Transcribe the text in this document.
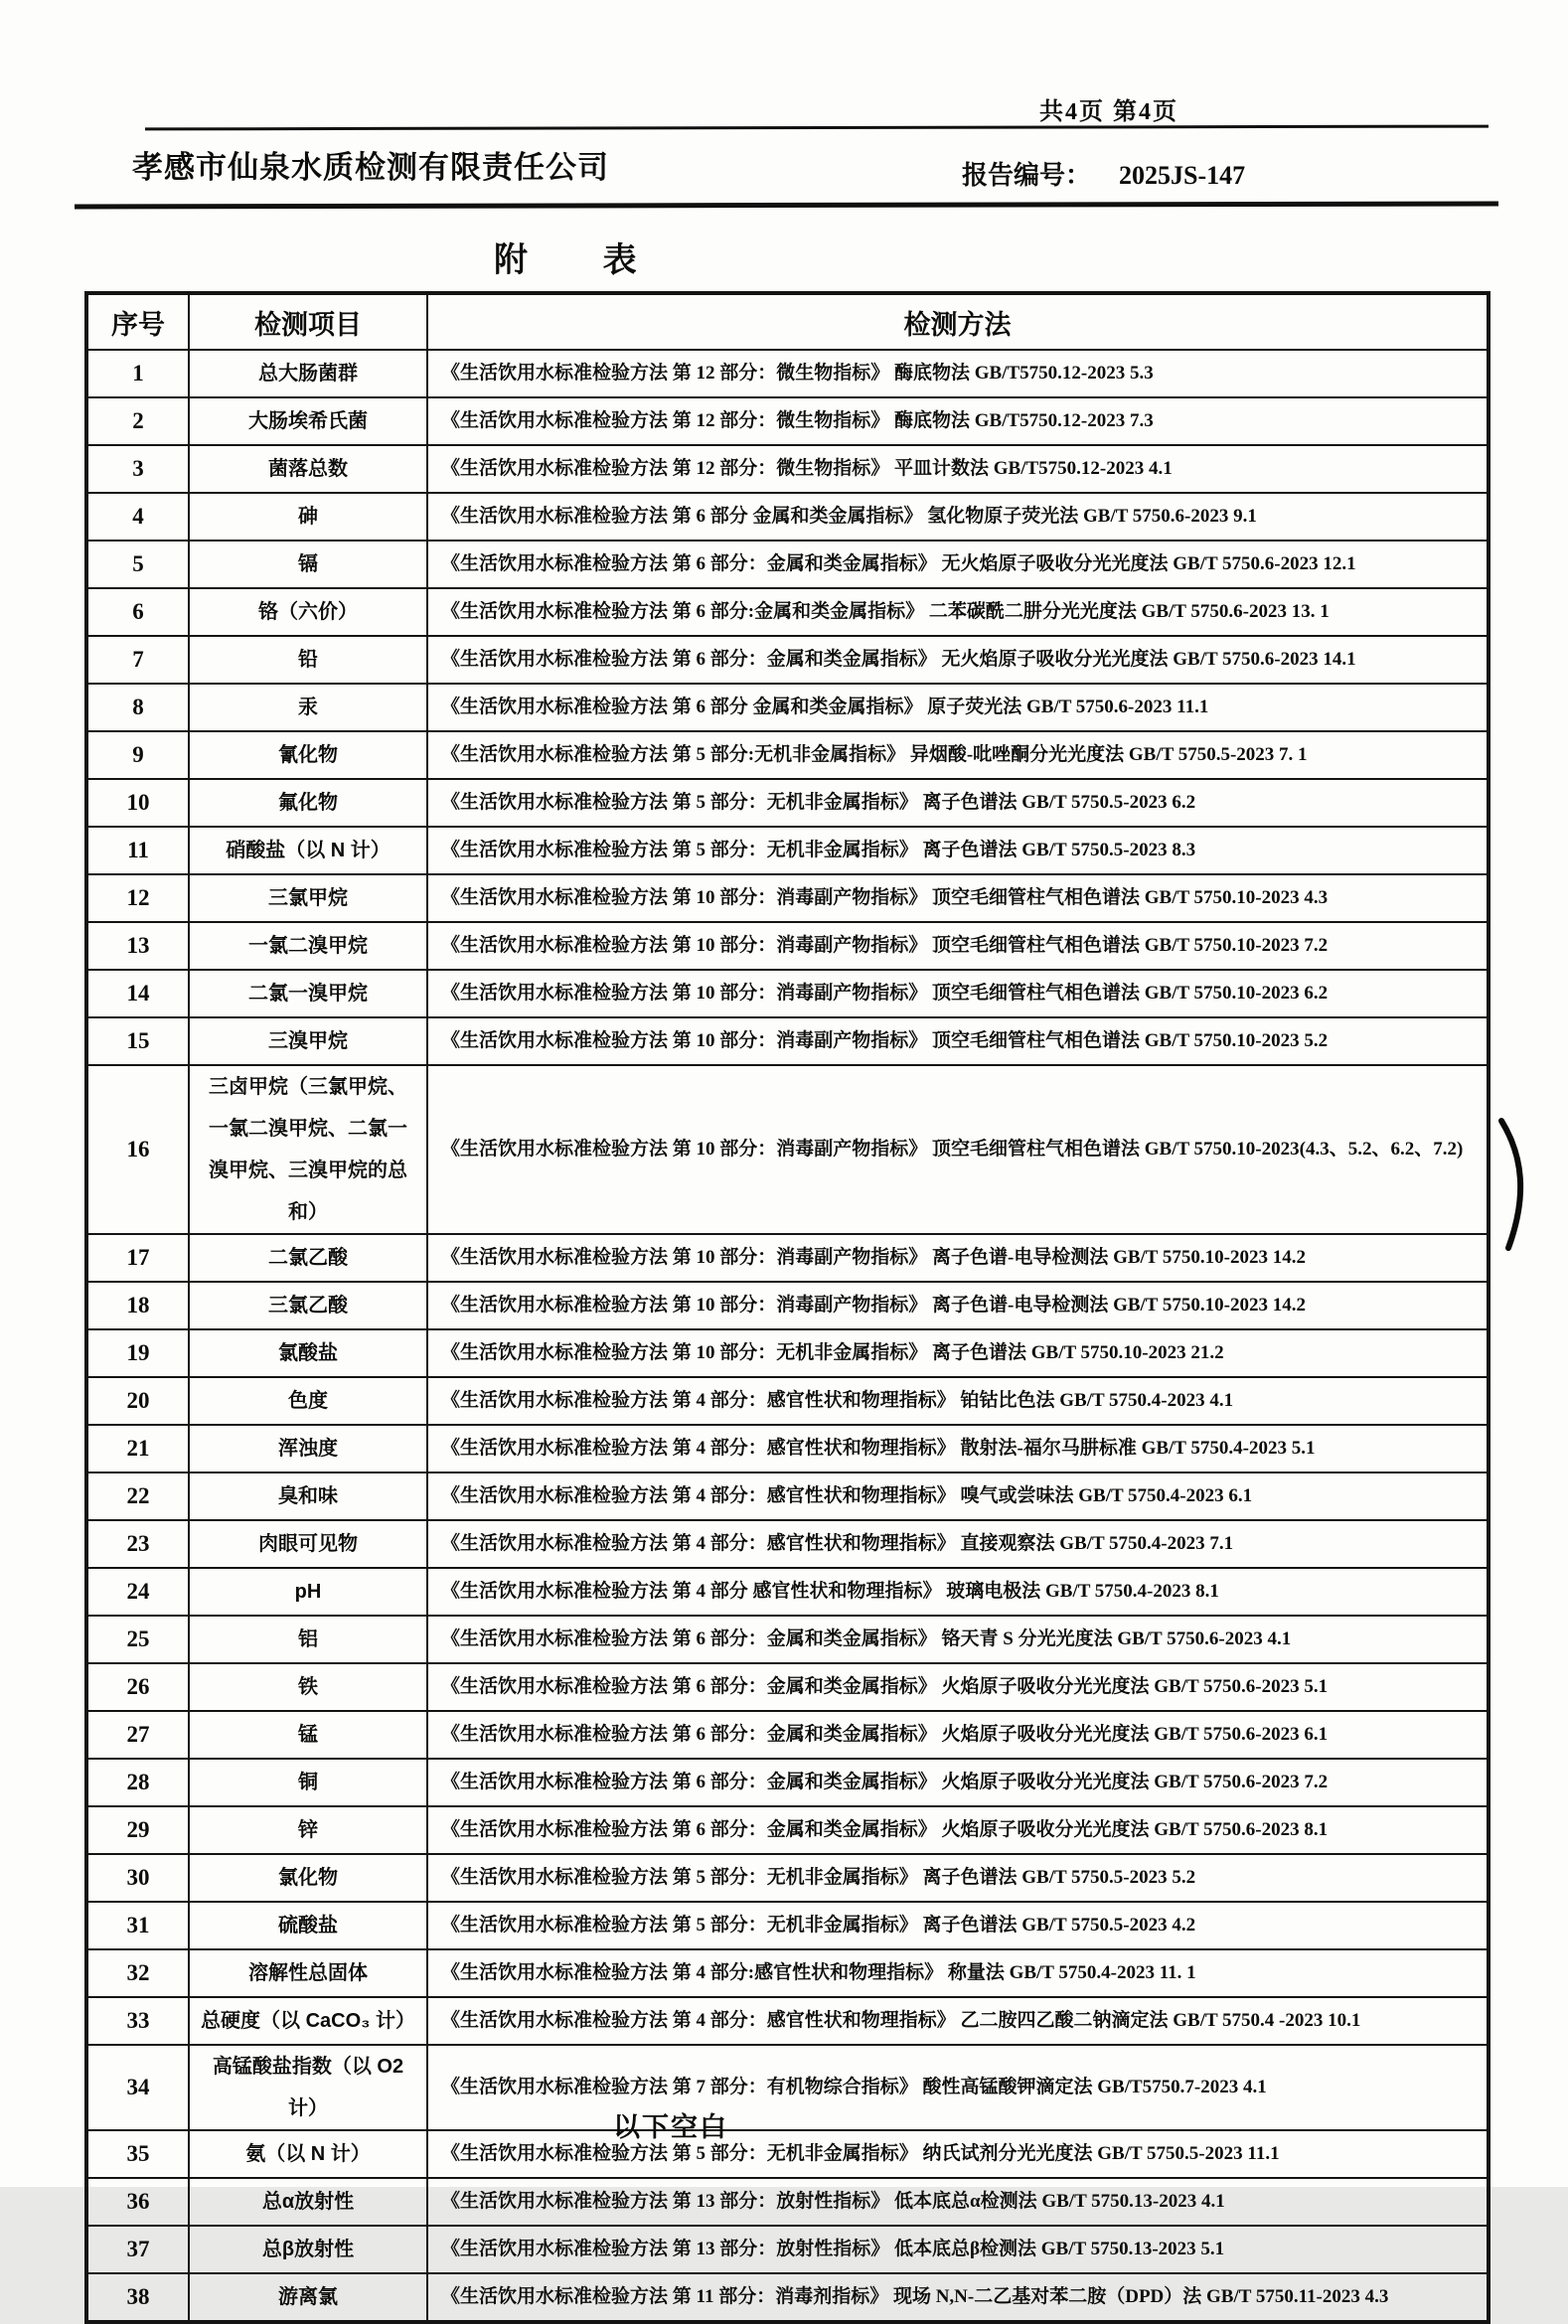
共4页 第4页
孝感市仙泉水质检测有限责任公司	报告编号： 2025JS-147
附        表
序号	检测项目	检测方法
1	总大肠菌群	《生活饮用水标准检验方法 第 12 部分：微生物指标》 酶底物法 GB/T5750.12-2023 5.3
2	大肠埃希氏菌	《生活饮用水标准检验方法 第 12 部分：微生物指标》 酶底物法 GB/T5750.12-2023 7.3
3	菌落总数	《生活饮用水标准检验方法 第 12 部分：微生物指标》 平皿计数法 GB/T5750.12-2023 4.1
4	砷	《生活饮用水标准检验方法 第 6 部分 金属和类金属指标》 氢化物原子荧光法 GB/T 5750.6-2023 9.1
5	镉	《生活饮用水标准检验方法 第 6 部分：金属和类金属指标》 无火焰原子吸收分光光度法 GB/T 5750.6-2023 12.1
6	铬（六价）	《生活饮用水标准检验方法 第 6 部分:金属和类金属指标》 二苯碳酰二肼分光光度法 GB/T 5750.6-2023 13. 1
7	铅	《生活饮用水标准检验方法 第 6 部分：金属和类金属指标》 无火焰原子吸收分光光度法 GB/T 5750.6-2023 14.1
8	汞	《生活饮用水标准检验方法 第 6 部分 金属和类金属指标》 原子荧光法 GB/T 5750.6-2023 11.1
9	氰化物	《生活饮用水标准检验方法 第 5 部分:无机非金属指标》 异烟酸-吡唑酮分光光度法 GB/T 5750.5-2023 7. 1
10	氟化物	《生活饮用水标准检验方法 第 5 部分：无机非金属指标》 离子色谱法 GB/T 5750.5-2023 6.2
11	硝酸盐（以 N 计）	《生活饮用水标准检验方法 第 5 部分：无机非金属指标》 离子色谱法 GB/T 5750.5-2023 8.3
12	三氯甲烷	《生活饮用水标准检验方法 第 10 部分：消毒副产物指标》 顶空毛细管柱气相色谱法 GB/T 5750.10-2023 4.3
13	一氯二溴甲烷	《生活饮用水标准检验方法 第 10 部分：消毒副产物指标》 顶空毛细管柱气相色谱法 GB/T 5750.10-2023 7.2
14	二氯一溴甲烷	《生活饮用水标准检验方法 第 10 部分：消毒副产物指标》 顶空毛细管柱气相色谱法 GB/T 5750.10-2023 6.2
15	三溴甲烷	《生活饮用水标准检验方法 第 10 部分：消毒副产物指标》 顶空毛细管柱气相色谱法 GB/T 5750.10-2023 5.2
16	三卤甲烷（三氯甲烷、一氯二溴甲烷、二氯一溴甲烷、三溴甲烷的总和）	《生活饮用水标准检验方法 第 10 部分：消毒副产物指标》 顶空毛细管柱气相色谱法 GB/T 5750.10-2023(4.3、5.2、6.2、7.2)
17	二氯乙酸	《生活饮用水标准检验方法 第 10 部分：消毒副产物指标》 离子色谱-电导检测法 GB/T 5750.10-2023 14.2
18	三氯乙酸	《生活饮用水标准检验方法 第 10 部分：消毒副产物指标》 离子色谱-电导检测法 GB/T 5750.10-2023 14.2
19	氯酸盐	《生活饮用水标准检验方法 第 10 部分：无机非金属指标》 离子色谱法 GB/T 5750.10-2023 21.2
20	色度	《生活饮用水标准检验方法 第 4 部分：感官性状和物理指标》 铂钴比色法 GB/T 5750.4-2023 4.1
21	浑浊度	《生活饮用水标准检验方法 第 4 部分：感官性状和物理指标》 散射法-福尔马肼标准 GB/T 5750.4-2023 5.1
22	臭和味	《生活饮用水标准检验方法 第 4 部分：感官性状和物理指标》 嗅气或尝味法 GB/T 5750.4-2023 6.1
23	肉眼可见物	《生活饮用水标准检验方法 第 4 部分：感官性状和物理指标》 直接观察法 GB/T 5750.4-2023 7.1
24	pH	《生活饮用水标准检验方法 第 4 部分 感官性状和物理指标》 玻璃电极法 GB/T 5750.4-2023 8.1
25	铝	《生活饮用水标准检验方法 第 6 部分：金属和类金属指标》 铬天青 S 分光光度法 GB/T 5750.6-2023 4.1
26	铁	《生活饮用水标准检验方法 第 6 部分：金属和类金属指标》 火焰原子吸收分光光度法 GB/T 5750.6-2023 5.1
27	锰	《生活饮用水标准检验方法 第 6 部分：金属和类金属指标》 火焰原子吸收分光光度法 GB/T 5750.6-2023 6.1
28	铜	《生活饮用水标准检验方法 第 6 部分：金属和类金属指标》 火焰原子吸收分光光度法 GB/T 5750.6-2023 7.2
29	锌	《生活饮用水标准检验方法 第 6 部分：金属和类金属指标》 火焰原子吸收分光光度法 GB/T 5750.6-2023 8.1
30	氯化物	《生活饮用水标准检验方法 第 5 部分：无机非金属指标》 离子色谱法 GB/T 5750.5-2023 5.2
31	硫酸盐	《生活饮用水标准检验方法 第 5 部分：无机非金属指标》 离子色谱法 GB/T 5750.5-2023 4.2
32	溶解性总固体	《生活饮用水标准检验方法 第 4 部分:感官性状和物理指标》 称量法 GB/T 5750.4-2023 11. 1
33	总硬度（以 CaCO₃ 计）	《生活饮用水标准检验方法 第 4 部分：感官性状和物理指标》 乙二胺四乙酸二钠滴定法 GB/T 5750.4 -2023 10.1
34	高锰酸盐指数（以 O2 计）	《生活饮用水标准检验方法 第 7 部分：有机物综合指标》 酸性高锰酸钾滴定法 GB/T5750.7-2023 4.1
35	氨（以 N 计）	《生活饮用水标准检验方法 第 5 部分：无机非金属指标》 纳氏试剂分光光度法 GB/T 5750.5-2023 11.1
36	总α放射性	《生活饮用水标准检验方法 第 13 部分：放射性指标》 低本底总α检测法 GB/T 5750.13-2023 4.1
37	总β放射性	《生活饮用水标准检验方法 第 13 部分：放射性指标》 低本底总β检测法 GB/T 5750.13-2023 5.1
38	游离氯	《生活饮用水标准检验方法 第 11 部分：消毒剂指标》 现场 N,N-二乙基对苯二胺（DPD）法 GB/T 5750.11-2023 4.3
以下空白
